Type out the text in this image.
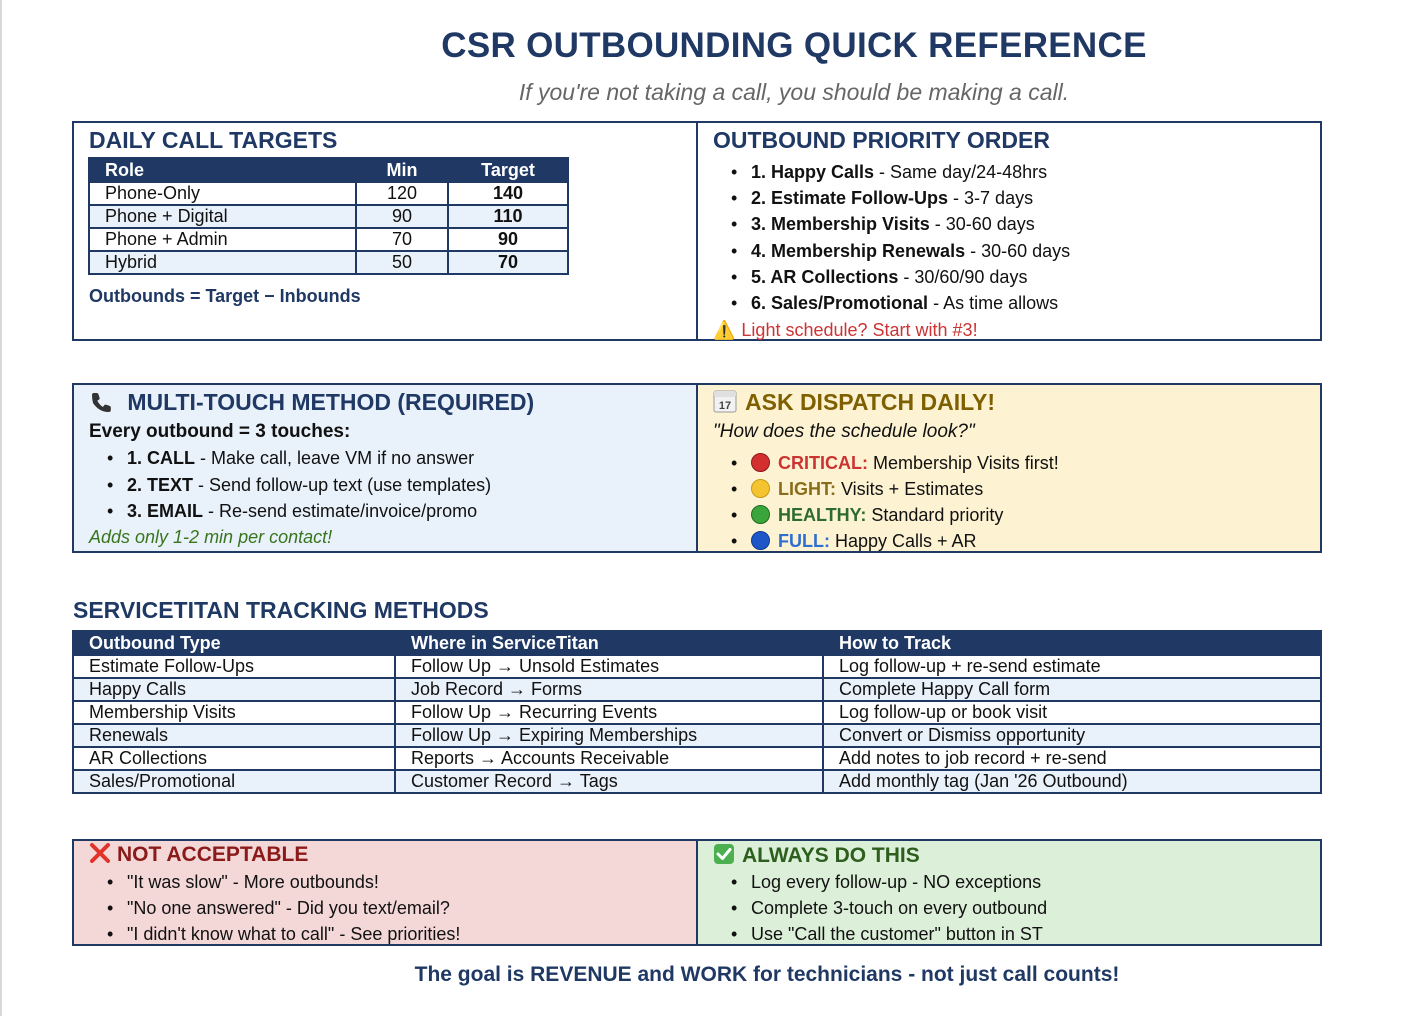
CSR OUTBOUNDING QUICK REFERENCE
If you're not taking a call, you should be making a call.
DAILY CALL TARGETS
Role	Min	Target
Phone-Only	120	140
Phone + Digital	90	110
Phone + Admin	70	90
Hybrid	50	70
Outbounds = Target − Inbounds
OUTBOUND PRIORITY ORDER
• 1. Happy Calls - Same day/24-48hrs
• 2. Estimate Follow-Ups - 3-7 days
• 3. Membership Visits - 30-60 days
• 4. Membership Renewals - 30-60 days
• 5. AR Collections - 30/60/90 days
• 6. Sales/Promotional - As time allows
⚠️ Light schedule? Start with #3!
MULTI-TOUCH METHOD (REQUIRED)
Every outbound = 3 touches:
• 1. CALL - Make call, leave VM if no answer
• 2. TEXT - Send follow-up text (use templates)
• 3. EMAIL - Re-send estimate/invoice/promo
Adds only 1-2 min per contact!
17 ASK DISPATCH DAILY!
"How does the schedule look?"
• CRITICAL: Membership Visits first!
• LIGHT: Visits + Estimates
• HEALTHY: Standard priority
• FULL: Happy Calls + AR
SERVICETITAN TRACKING METHODS
Outbound Type	Where in ServiceTitan	How to Track
Estimate Follow-Ups	Follow Up → Unsold Estimates	Log follow-up + re-send estimate
Happy Calls	Job Record → Forms	Complete Happy Call form
Membership Visits	Follow Up → Recurring Events	Log follow-up or book visit
Renewals	Follow Up → Expiring Memberships	Convert or Dismiss opportunity
AR Collections	Reports → Accounts Receivable	Add notes to job record + re-send
Sales/Promotional	Customer Record → Tags	Add monthly tag (Jan '26 Outbound)
NOT ACCEPTABLE
• "It was slow" - More outbounds!
• "No one answered" - Did you text/email?
• "I didn't know what to call" - See priorities!
ALWAYS DO THIS
• Log every follow-up - NO exceptions
• Complete 3-touch on every outbound
• Use "Call the customer" button in ST
The goal is REVENUE and WORK for technicians - not just call counts!
